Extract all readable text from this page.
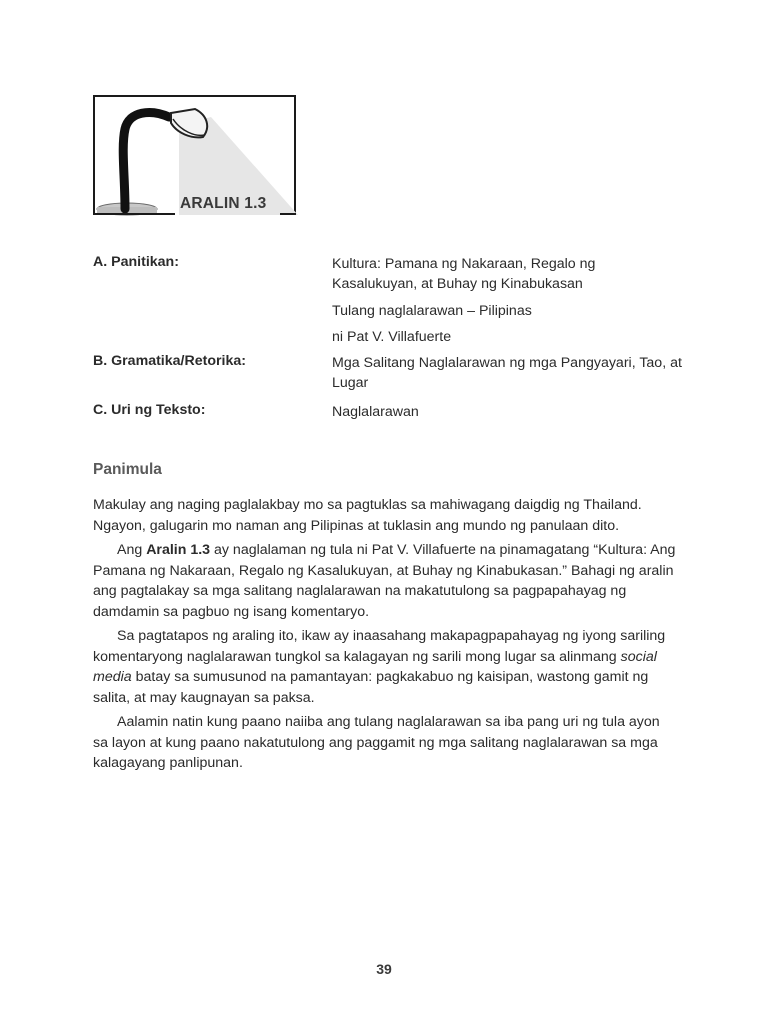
ARALIN 1.3
A. Panitikan:	Kultura: Pamana ng Nakaraan, Regalo ng Kasalukuyan, at Buhay ng Kinabukasan
Tulang naglalarawan – Pilipinas
ni Pat V. Villafuerte
B. Gramatika/Retorika:	Mga Salitang Naglalarawan ng mga Pangyayari, Tao, at Lugar
C. Uri ng Teksto:	Naglalarawan
Panimula

Makulay ang naging paglalakbay mo sa pagtuklas sa mahiwagang daigdig ng Thailand. Ngayon, galugarin mo naman ang Pilipinas at tuklasin ang mundo ng panulaan dito.

Ang Aralin 1.3 ay naglalaman ng tula ni Pat V. Villafuerte na pinamagatang “Kultura: Ang Pamana ng Nakaraan, Regalo ng Kasalukuyan, at Buhay ng Kinabukasan.” Bahagi ng aralin ang pagtalakay sa mga salitang naglalarawan na makatutulong sa pagpapahayag ng damdamin sa pagbuo ng isang komentaryo.

Sa pagtatapos ng araling ito, ikaw ay inaasahang makapagpapahayag ng iyong sariling komentaryong naglalarawan tungkol sa kalagayan ng sarili mong lugar sa alinmang social media batay sa sumusunod na pamantayan: pagkakabuo ng kaisipan, wastong gamit ng salita, at may kaugnayan sa paksa.

Aalamin natin kung paano naiiba ang tulang naglalarawan sa iba pang uri ng tula ayon sa layon at kung paano nakatutulong ang paggamit ng mga salitang naglalarawan sa mga kalagayang panlipunan.

39
